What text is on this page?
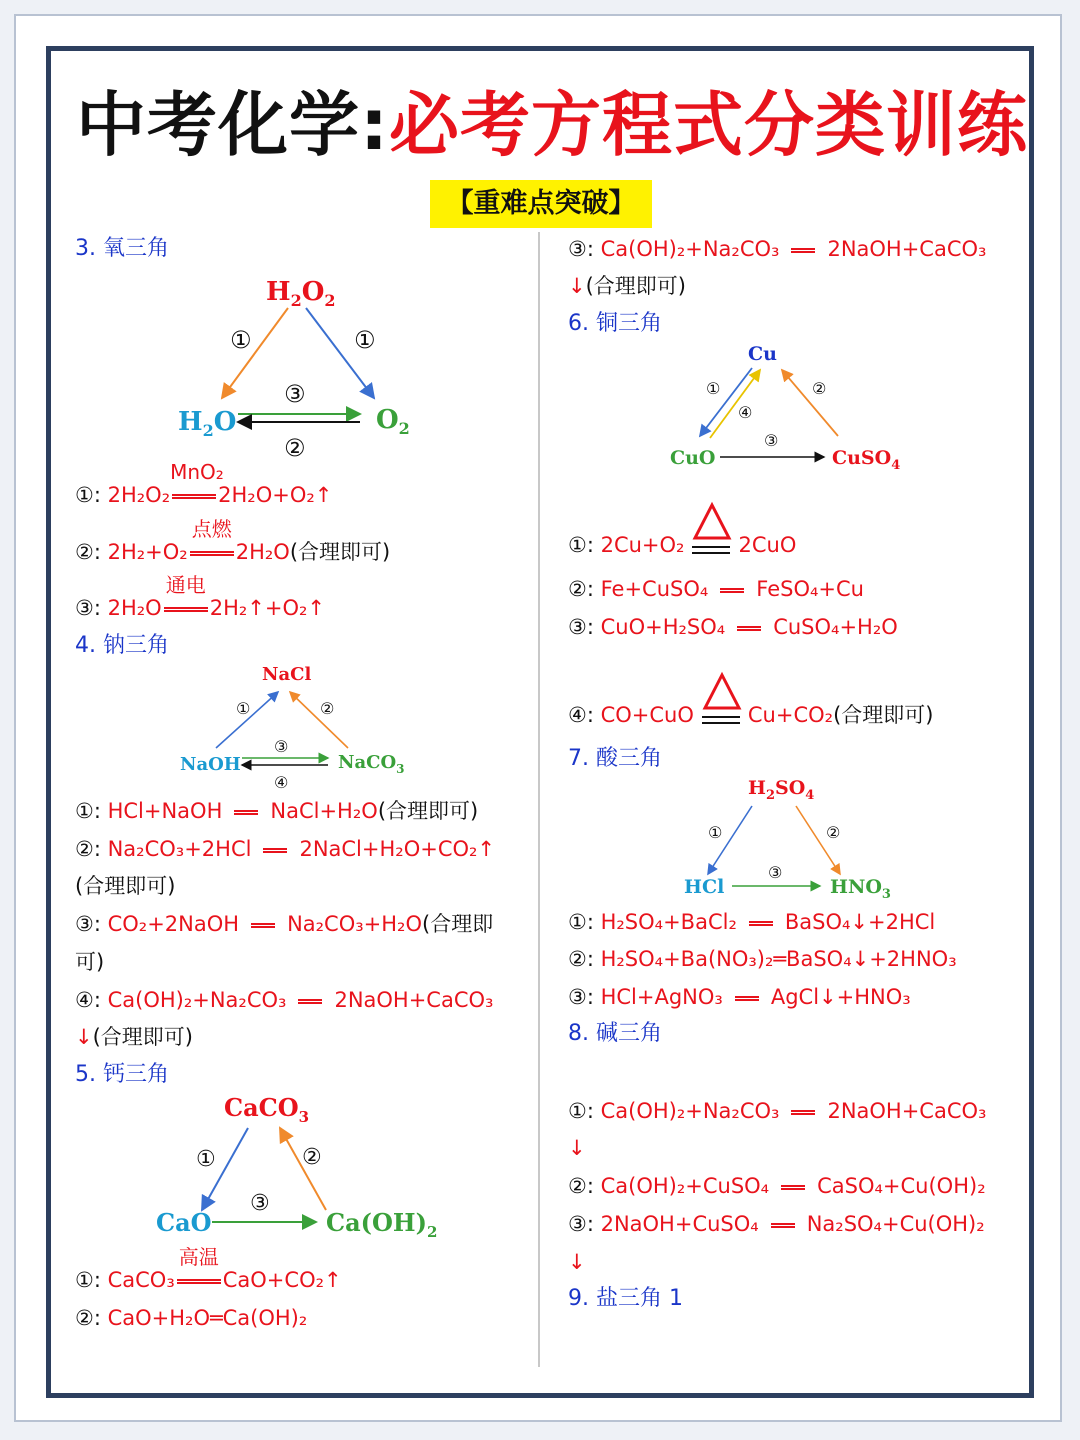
中考化学:必考方程式分类训练
【重难点突破】
3. 氧三角
$H_2O_2$
$H_2O$	$O_2$
①	①
③
②
①: 2H₂O₂
MnO₂
2H₂O+O₂↑
②: 2H₂+O₂
点燃
2H₂O(合理即可)
③: 2H₂O
通电
2H₂↑+O₂↑
4. 钠三角
NaCl
NaOH	NaCO$_3$
①	②
③
④
①: HCl+NaOH NaCl+H₂O(合理即可)
②: Na₂CO₃+2HCl 2NaCl+H₂O+CO₂↑
(合理即可)
③: CO₂+2NaOH Na₂CO₃+H₂O(合理即
可)
④: Ca(OH)₂+Na₂CO₃ 2NaOH+CaCO₃
↓(合理即可)
5. 钙三角
CaCO$_3$
CaO	$Ca(OH)_2$
①	②
③
①: CaCO₃
高温
CaO+CO₂↑
②: CaO+H₂O═Ca(OH)₂
③: Ca(OH)₂+Na₂CO₃ 2NaOH+CaCO₃
↓(合理即可)
6. 铜三角
Cu
CuO	CuSO$_4$
①	②
③
④
①: 2Cu+O₂	2CuO
②: Fe+CuSO₄ FeSO₄+Cu
③: CuO+H₂SO₄ CuSO₄+H₂O
④: CO+CuO	Cu+CO₂(合理即可)
7. 酸三角
$H_2SO_4$
HCl	$HNO_3$
①	②
③
①: H₂SO₄+BaCl₂ BaSO₄↓+2HCl
②: H₂SO₄+Ba(NO₃)₂═BaSO₄↓+2HNO₃
③: HCl+AgNO₃ AgCl↓+HNO₃
8. 碱三角
①: Ca(OH)₂+Na₂CO₃ 2NaOH+CaCO₃
↓
②: Ca(OH)₂+CuSO₄ CaSO₄+Cu(OH)₂
③: 2NaOH+CuSO₄ Na₂SO₄+Cu(OH)₂
↓
9. 盐三角 1
